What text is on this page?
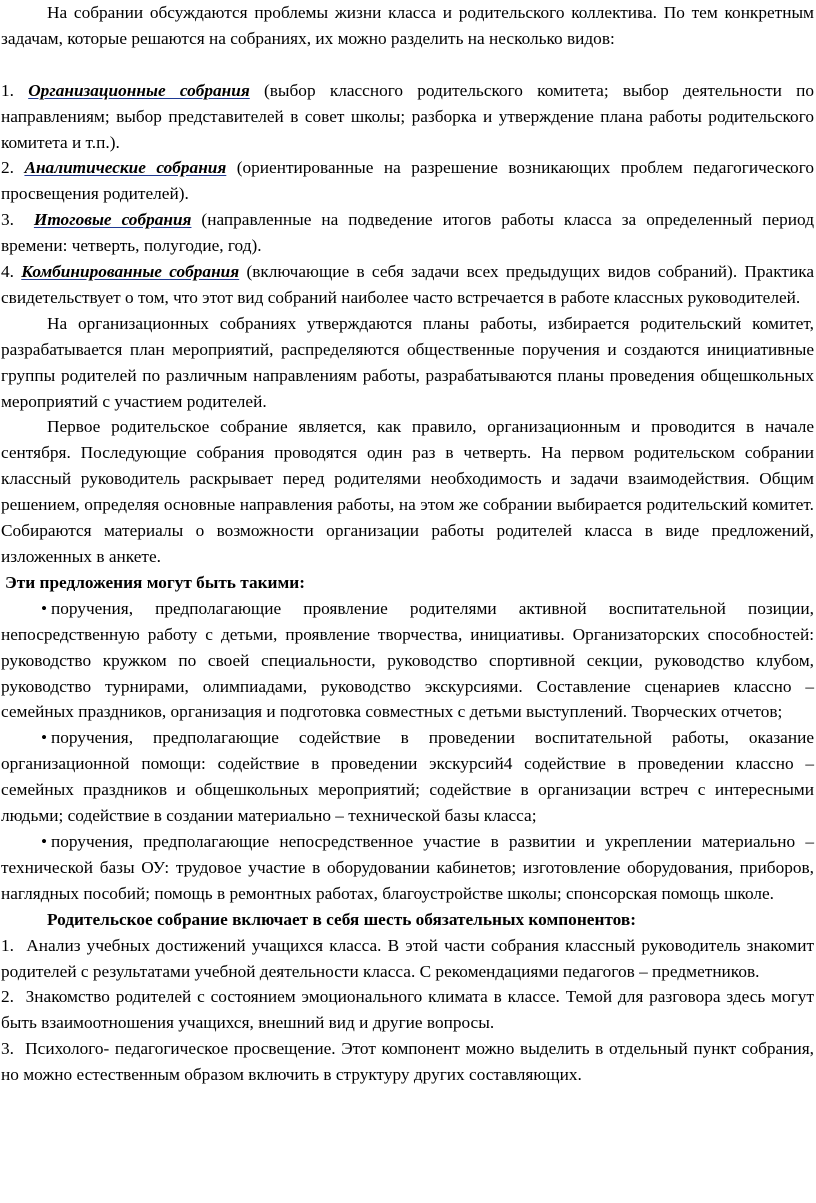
На собрании обсуждаются проблемы жизни класса и родительского коллектива. По тем конкретным задачам, которые решаются на собраниях, их можно разделить на несколько видов:

1. Организационные собрания (выбор классного родительского комитета; выбор деятельности по направлениям; выбор представителей в совет школы; разборка и утверждение плана работы родительского комитета и т.п.).

2. Аналитические собрания (ориентированные на разрешение возникающих проблем педагогического просвещения родителей).

3. Итоговые собрания (направленные на подведение итогов работы класса за определенный период времени: четверть, полугодие, год).

4. Комбинированные собрания (включающие в себя задачи всех предыдущих видов собраний). Практика свидетельствует о том, что этот вид собраний наиболее часто встречается в работе классных руководителей.

На организационных собраниях утверждаются планы работы, избирается родительский комитет, разрабатывается план мероприятий, распределяются общественные поручения и создаются инициативные группы родителей по различным направлениям работы, разрабатываются планы проведения общешкольных мероприятий с участием родителей.

Первое родительское собрание является, как правило, организационным и проводится в начале сентября. Последующие собрания проводятся один раз в четверть. На первом родительском собрании классный руководитель раскрывает перед родителями необходимость и задачи взаимодействия. Общим решением, определяя основные направления работы, на этом же собрании выбирается родительский комитет. Собираются материалы о возможности организации работы родителей класса в виде предложений, изложенных в анкете.

Эти предложения могут быть такими:

• поручения, предполагающие проявление родителями активной воспитательной позиции, непосредственную работу с детьми, проявление творчества, инициативы. Организаторских способностей: руководство кружком по своей специальности, руководство спортивной секции, руководство клубом, руководство турнирами, олимпиадами, руководство экскурсиями. Составление сценариев классно – семейных праздников, организация и подготовка совместных с детьми выступлений. Творческих отчетов;

• поручения, предполагающие содействие в проведении воспитательной работы, оказание организационной помощи: содействие в проведении экскурсий4 содействие в проведении классно – семейных праздников и общешкольных мероприятий; содействие в организации встреч с интересными людьми; содействие в создании материально – технической базы класса;

• поручения, предполагающие непосредственное участие в развитии и укреплении материально – технической базы ОУ: трудовое участие в оборудовании кабинетов; изготовление оборудования, приборов, наглядных пособий; помощь в ремонтных работах, благоустройстве школы; спонсорская помощь школе.

Родительское собрание включает в себя шесть обязательных компонентов:

1. Анализ учебных достижений учащихся класса. В этой части собрания классный руководитель знакомит родителей с результатами учебной деятельности класса. С рекомендациями педагогов – предметников.

2. Знакомство родителей с состоянием эмоционального климата в классе. Темой для разговора здесь могут быть взаимоотношения учащихся, внешний вид и другие вопросы.

3. Психолого- педагогическое просвещение. Этот компонент можно выделить в отдельный пункт собрания, но можно естественным образом включить в структуру других составляющих.
